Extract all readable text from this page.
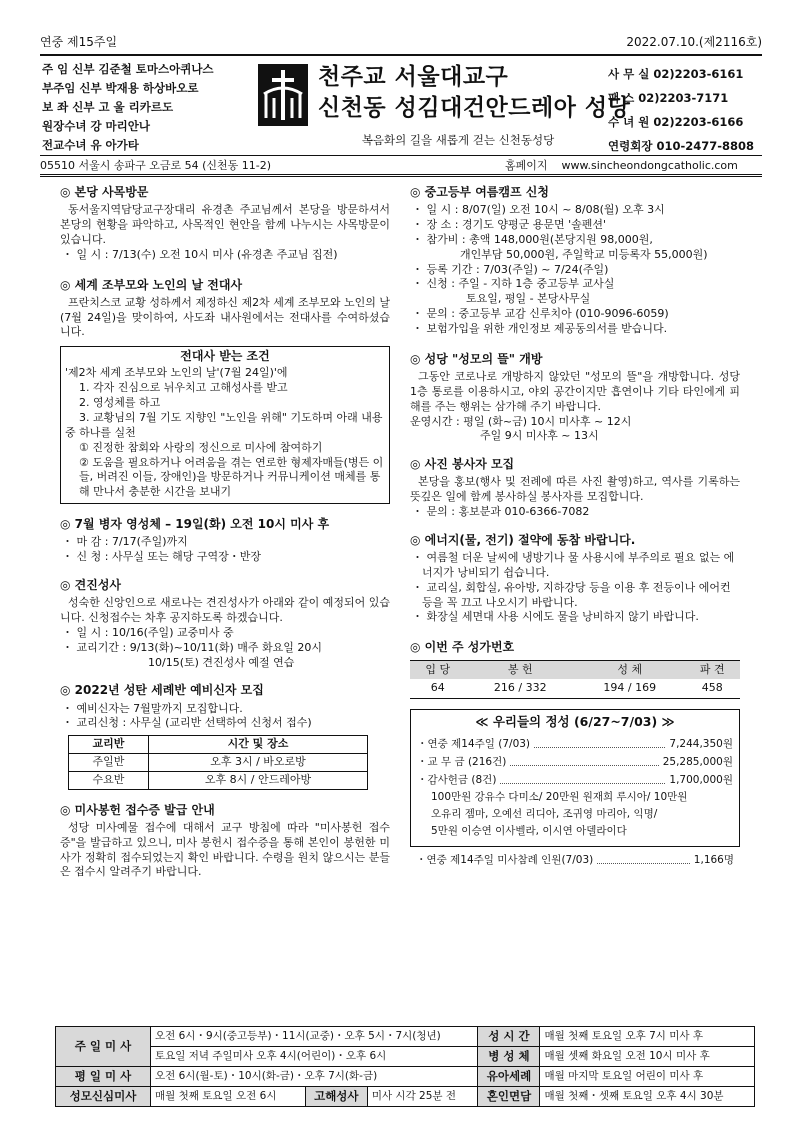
연중 제15주일	2022.07.10.(제2116호)
주 임 신부 김준철 토마스아퀴나스
부주임 신부 박재용 하상바오로
보 좌 신부 고 울 리카르도
원장수녀 강 마리안나
전교수녀 유 아가타
천주교 서울대교구
신천동 성김대건안드레아 성당
복음화의 길을 새롭게 걷는 신천동성당
사 무 실 02)2203-6161
팩 스 02)2203-7171
수 녀 원 02)2203-6166
연령회장 010-2477-8808
05510 서울시 송파구 오금로 54 (신천동 11-2)	홈페이지 www.sincheondongcatholic.com
◎ 본당 사목방문

동서울지역담당교구장대리 유경촌 주교님께서 본당을 방문하셔서 본당의 현황을 파악하고, 사목적인 현안을 함께 나누시는 사목방문이 있습니다.

・ 일 시 : 7/13(수) 오전 10시 미사 (유경촌 주교님 집전)
◎ 세계 조부모와 노인의 날 전대사

프란치스코 교황 성하께서 제정하신 제2차 세계 조부모와 노인의 날(7월 24일)을 맞이하여, 사도좌 내사원에서는 전대사를 수여하셨습니다.

전대사 받는 조건
'제2차 세계 조부모와 노인의 날'(7월 24일)'에
1. 각자 진심으로 뉘우치고 고해성사를 받고
2. 영성체를 하고
3. 교황님의 7월 기도 지향인 "노인을 위해" 기도하며 아래 내용 중 하나를 실천
① 진정한 참회와 사랑의 정신으로 미사에 참여하기
② 도움을 필요하거나 어려움을 겪는 연로한 형제자매들(병든 이들, 버려진 이들, 장애인)을 방문하거나 커뮤니케이션 매체를 통해 만나서 충분한 시간을 보내기
◎ 7월 병자 영성체 – 19일(화) 오전 10시 미사 후
・ 마 감 : 7/17(주일)까지
・ 신 청 : 사무실 또는 해당 구역장・반장
◎ 견진성사

성숙한 신앙인으로 새로나는 견진성사가 아래와 같이 예정되어 있습니다. 신청접수는 차후 공지하도록 하겠습니다.

・ 일 시 : 10/16(주일) 교중미사 중
・ 교리기간 : 9/13(화)~10/11(화) 매주 화요일 20시
10/15(토) 견진성사 예절 연습
◎ 2022년 성탄 세례반 예비신자 모집
・ 예비신자는 7월말까지 모집합니다.
・ 교리신청 : 사무실 (교리반 선택하여 신청서 접수)
교리반	시간 및 장소
주일반	오후 3시 / 바오로방
수요반	오후 8시 / 안드레아방
◎ 미사봉헌 접수증 발급 안내

성당 미사예물 접수에 대해서 교구 방침에 따라 "미사봉헌 접수증"을 발급하고 있으니, 미사 봉헌시 접수증을 통해 본인이 봉헌한 미사가 정확히 접수되었는지 확인 바랍니다. 수령을 원치 않으시는 분들은 접수시 알려주기 바랍니다.

◎ 중고등부 여름캠프 신청
・ 일 시 : 8/07(일) 오전 10시 ~ 8/08(월) 오후 3시
・ 장 소 : 경기도 양평군 용문면 '솔펜션'
・ 참가비 : 총액 148,000원(본당지원 98,000원,
개인부담 50,000원, 주일학교 미등록자 55,000원)
・ 등록 기간 : 7/03(주일) ~ 7/24(주일)
・ 신청 : 주일 - 지하 1층 중고등부 교사실
토요일, 평일 - 본당사무실
・ 문의 : 중고등부 교감 신루치아 (010-9096-6059)
・ 보험가입을 위한 개인정보 제공동의서를 받습니다.
◎ 성당 "성모의 뜰" 개방

그동안 코로나로 개방하지 않았던 "성모의 뜰"을 개방합니다. 성당 1층 통로를 이용하시고, 야외 공간이지만 흡연이나 기타 타인에게 피해를 주는 행위는 삼가해 주기 바랍니다.

운영시간 : 평일 (화~금) 10시 미사후 ~ 12시
주일 9시 미사후 ~ 13시
◎ 사진 봉사자 모집

본당을 홍보(행사 및 전례에 따른 사진 촬영)하고, 역사를 기록하는 뜻깊은 일에 함께 봉사하실 봉사자를 모집합니다.

・ 문의 : 홍보분과 010-6366-7082
◎ 에너지(물, 전기) 절약에 동참 바랍니다.
・ 여름철 더운 날씨에 냉방기나 물 사용시에 부주의로 필요 없는 에너지가 낭비되기 쉽습니다.
・ 교리실, 회합실, 유아방, 지하강당 등을 이용 후 전등이나 에어컨 등을 꼭 끄고 나오시기 바랍니다.
・ 화장실 세면대 사용 시에도 물을 낭비하지 않기 바랍니다.
◎ 이번 주 성가번호
입 당	봉 헌	성 체	파 견
64	216 / 332	194 / 169	458
≪ 우리들의 정성 (6/27~7/03) ≫
・연중 제14주일 (7/03)	7,244,350원
・교 무 금 (216건)	25,285,000원
・감사헌금 (8건)	1,700,000원
100만원 강유수 다미소/ 20만원 원재희 루시아/ 10만원
오유리 젬마, 오예선 리디아, 조귀영 마리아, 익명/
5만원 이승연 이사벨라, 이시연 아델라이다
・연중 제14주일 미사참례 인원(7/03)	1,166명
주 일 미 사	오전 6시・9시(중고등부)・11시(교중)・오후 5시・7시(청년)			성 시 간	매월 첫째 토요일 오후 7시 미사 후
	토요일 저녁 주일미사 오후 4시(어린이)・오후 6시			병 성 체	매월 셋째 화요일 오전 10시 미사 후
평 일 미 사	오전 6시(월-토)・10시(화-금)・오후 7시(화-금)			유아세례	매월 마지막 토요일 어린이 미사 후
성모신심미사	매월 첫째 토요일 오전 6시	고해성사	미사 시각 25분 전	혼인면담	매월 첫째・셋째 토요일 오후 4시 30분
